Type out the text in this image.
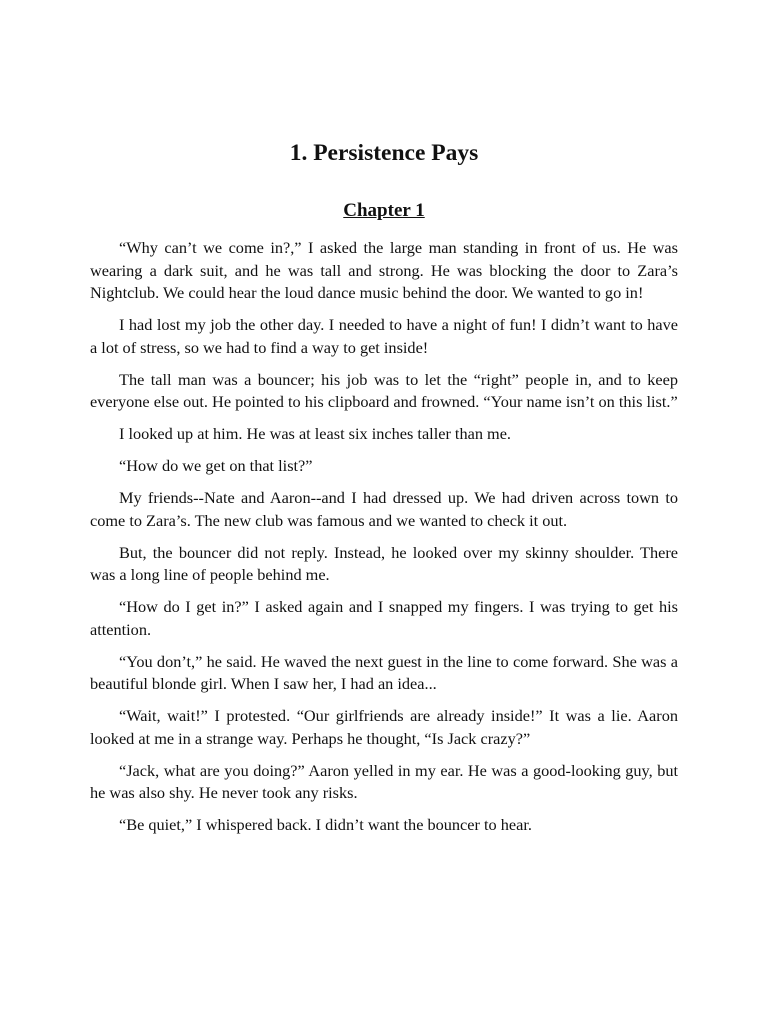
1. Persistence Pays
Chapter 1

“Why can’t we come in?,” I asked the large man standing in front of us. He was wearing a dark suit, and he was tall and strong. He was blocking the door to Zara’s Nightclub. We could hear the loud dance music behind the door. We wanted to go in!

I had lost my job the other day. I needed to have a night of fun! I didn’t want to have a lot of stress, so we had to find a way to get inside!

The tall man was a bouncer; his job was to let the “right” people in, and to keep everyone else out. He pointed to his clipboard and frowned. “Your name isn’t on this list.”

I looked up at him. He was at least six inches taller than me.

“How do we get on that list?”

My friends--Nate and Aaron--and I had dressed up. We had driven across town to come to Zara’s. The new club was famous and we wanted to check it out.

But, the bouncer did not reply. Instead, he looked over my skinny shoulder. There was a long line of people behind me.

“How do I get in?” I asked again and I snapped my fingers. I was trying to get his attention.

“You don’t,” he said. He waved the next guest in the line to come forward. She was a beautiful blonde girl. When I saw her, I had an idea...

“Wait, wait!” I protested. “Our girlfriends are already inside!” It was a lie. Aaron looked at me in a strange way. Perhaps he thought, “Is Jack crazy?”

“Jack, what are you doing?” Aaron yelled in my ear. He was a good-looking guy, but he was also shy. He never took any risks.

“Be quiet,” I whispered back. I didn’t want the bouncer to hear.
